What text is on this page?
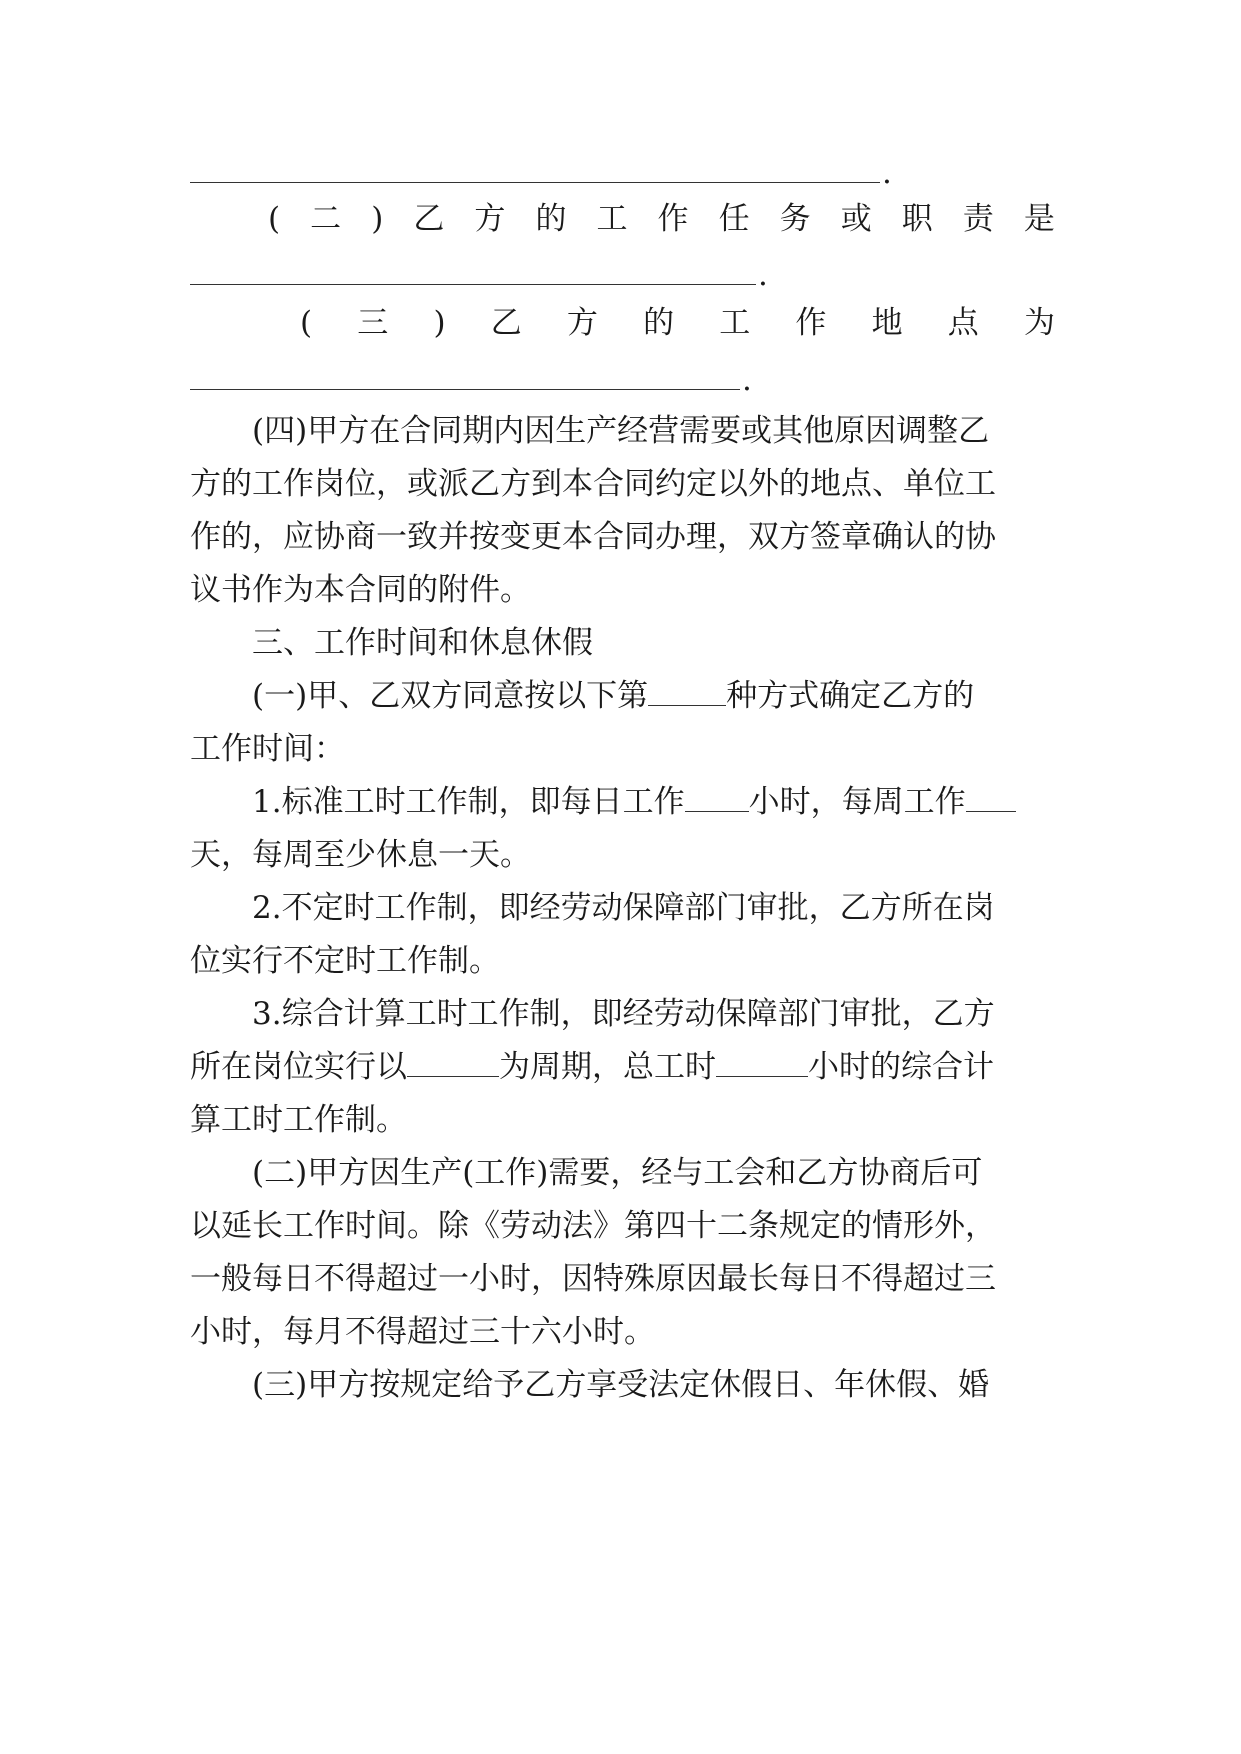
.
( 二 ) 乙 方 的 工 作 任 务 或 职 责 是
.
( 三 ) 乙 方 的 工 作 地 点 为
.
(四)甲方在合同期内因生产经营需要或其他原因调整乙
方的工作岗位，或派乙方到本合同约定以外的地点、单位工
作的，应协商一致并按变更本合同办理，双方签章确认的协
议书作为本合同的附件。
三、工作时间和休息休假
(一)甲、乙双方同意按以下第	种方式确定乙方的
工作时间：
1.标准工时工作制，即每日工作 小时，每周工作
天，每周至少休息一天。
2.不定时工作制，即经劳动保障部门审批，乙方所在岗
位实行不定时工作制。
3.综合计算工时工作制，即经劳动保障部门审批，乙方
所在岗位实行以	为周期，总工时	小时的综合计
算工时工作制。
(二)甲方因生产(工作)需要，经与工会和乙方协商后可
以延长工作时间。除《劳动法》第四十二条规定的情形外，
一般每日不得超过一小时，因特殊原因最长每日不得超过三
小时，每月不得超过三十六小时。
(三)甲方按规定给予乙方享受法定休假日、年休假、婚
